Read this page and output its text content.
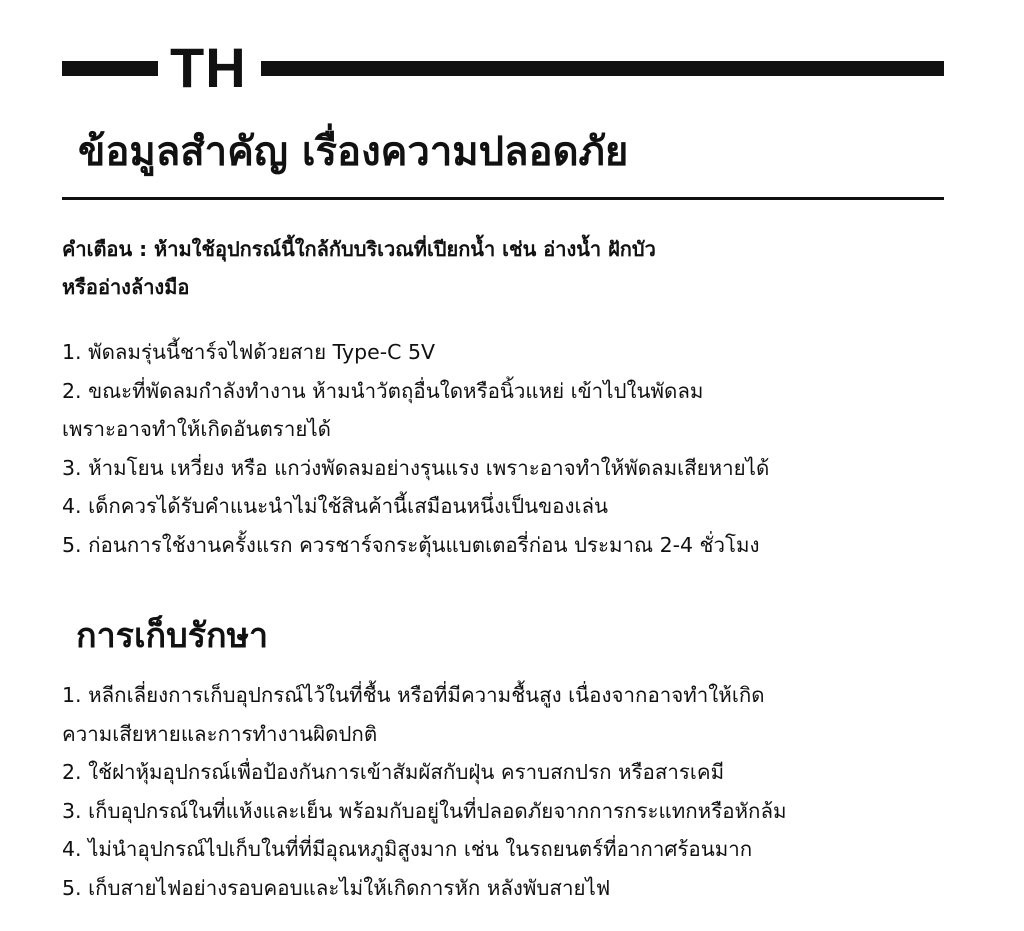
TH
ข้อมูลสำคัญ เรื่องความปลอดภัย

คำเตือน : ห้ามใช้อุปกรณ์นี้ใกล้กับบริเวณที่เปียกน้ำ เช่น อ่างน้ำ ฝักบัว
หรืออ่างล้างมือ

1. พัดลมรุ่นนี้ชาร์จไฟด้วยสาย Type-C 5V
2. ขณะที่พัดลมกำลังทำงาน ห้ามนำวัตถุอื่นใดหรือนิ้วแหย่ เข้าไปในพัดลม
เพราะอาจทำให้เกิดอันตรายได้
3. ห้ามโยน เหวี่ยง หรือ แกว่งพัดลมอย่างรุนแรง เพราะอาจทำให้พัดลมเสียหายได้
4. เด็กควรได้รับคำแนะนำไม่ใช้สินค้านี้เสมือนหนึ่งเป็นของเล่น
5. ก่อนการใช้งานครั้งแรก ควรชาร์จกระตุ้นแบตเตอรี่ก่อน ประมาณ 2-4 ชั่วโมง
การเก็บรักษา
1. หลีกเลี่ยงการเก็บอุปกรณ์ไว้ในที่ชื้น หรือที่มีความชื้นสูง เนื่องจากอาจทำให้เกิด
ความเสียหายและการทำงานผิดปกติ
2. ใช้ฝาหุ้มอุปกรณ์เพื่อป้องกันการเข้าสัมผัสกับฝุ่น คราบสกปรก หรือสารเคมี
3. เก็บอุปกรณ์ในที่แห้งและเย็น พร้อมกับอยู่ในที่ปลอดภัยจากการกระแทกหรือหักล้ม
4. ไม่นำอุปกรณ์ไปเก็บในที่ที่มีอุณหภูมิสูงมาก เช่น ในรถยนตร์ที่อากาศร้อนมาก
5. เก็บสายไฟอย่างรอบคอบและไม่ให้เกิดการหัก หลังพับสายไฟ
